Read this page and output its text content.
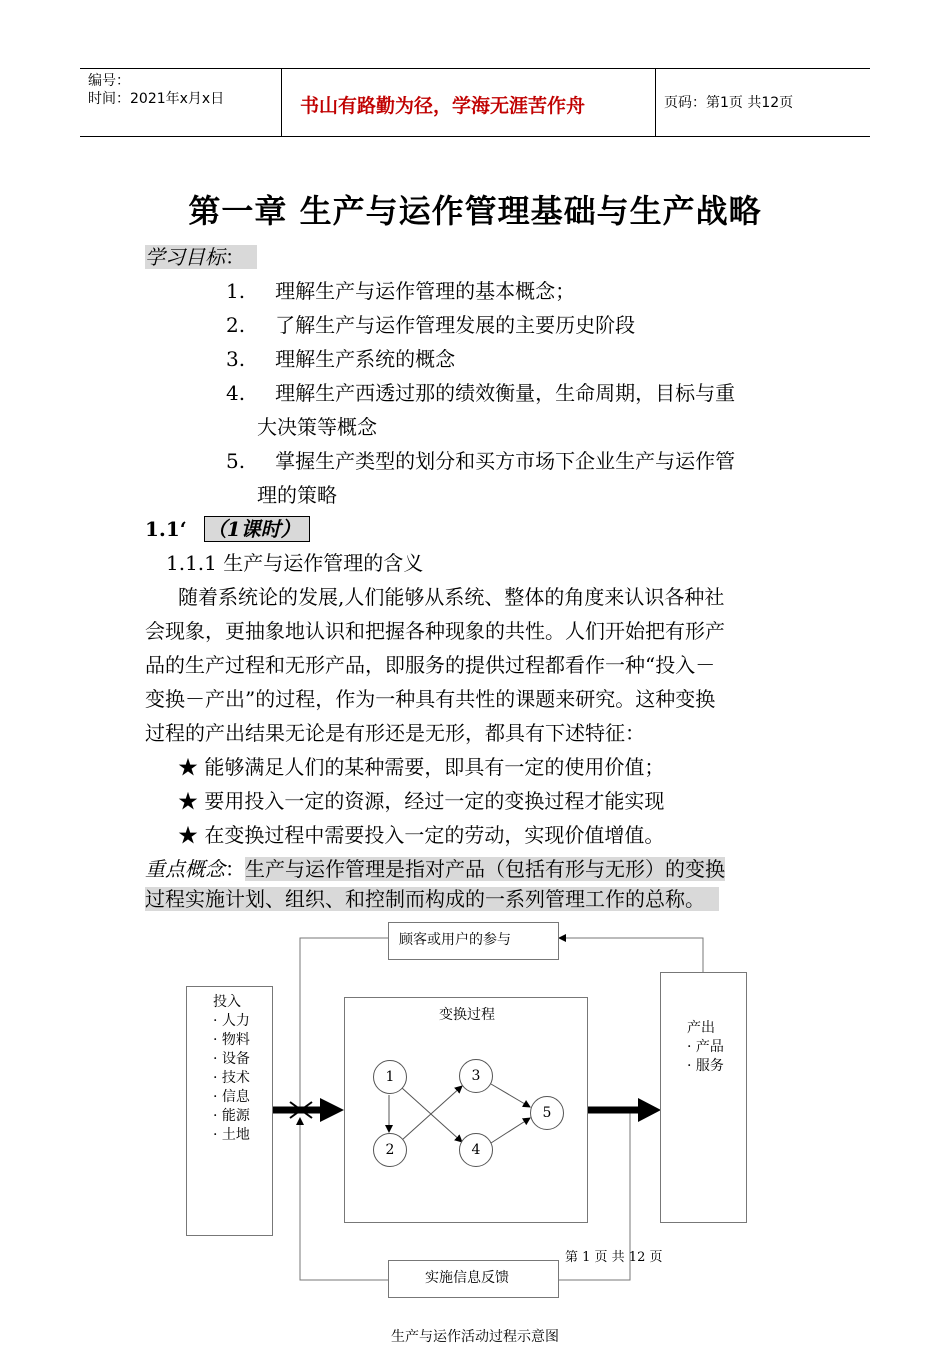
编号：
时间：2021年x月x日	书山有路勤为径，学海无涯苦作舟	页码：第1页 共12页
第一章 生产与运作管理基础与生产战略
学习目标：
1. 理解生产与运作管理的基本概念；
2. 了解生产与运作管理发展的主要历史阶段
3. 理解生产系统的概念
4. 理解生产西透过那的绩效衡量，生命周期，目标与重
大决策等概念
5. 掌握生产类型的划分和买方市场下企业生产与运作管
理的策略
1.1‘ （1课时）
1.1.1 生产与运作管理的含义
随着系统论的发展,人们能够从系统、整体的角度来认识各种社
会现象，更抽象地认识和把握各种现象的共性。人们开始把有形产
品的生产过程和无形产品，即服务的提供过程都看作一种“投入－
变换－产出”的过程，作为一种具有共性的课题来研究。这种变换
过程的产出结果无论是有形还是无形，都具有下述特征：
★ 能够满足人们的某种需要，即具有一定的使用价值；
★ 要用投入一定的资源，经过一定的变换过程才能实现
★ 在变换过程中需要投入一定的劳动，实现价值增值。
重点概念：生产与运作管理是指对产品（包括有形与无形）的变换
过程实施计划、组织、和控制而构成的一系列管理工作的总称。
顾客或用户的参与
投入
· 人力
· 物料
· 设备
· 技术
· 信息
· 能源
· 土地
变换过程
1
2
3
4
5
产出
· 产品
· 服务
第 1 页 共 12 页
实施信息反馈
生产与运作活动过程示意图
